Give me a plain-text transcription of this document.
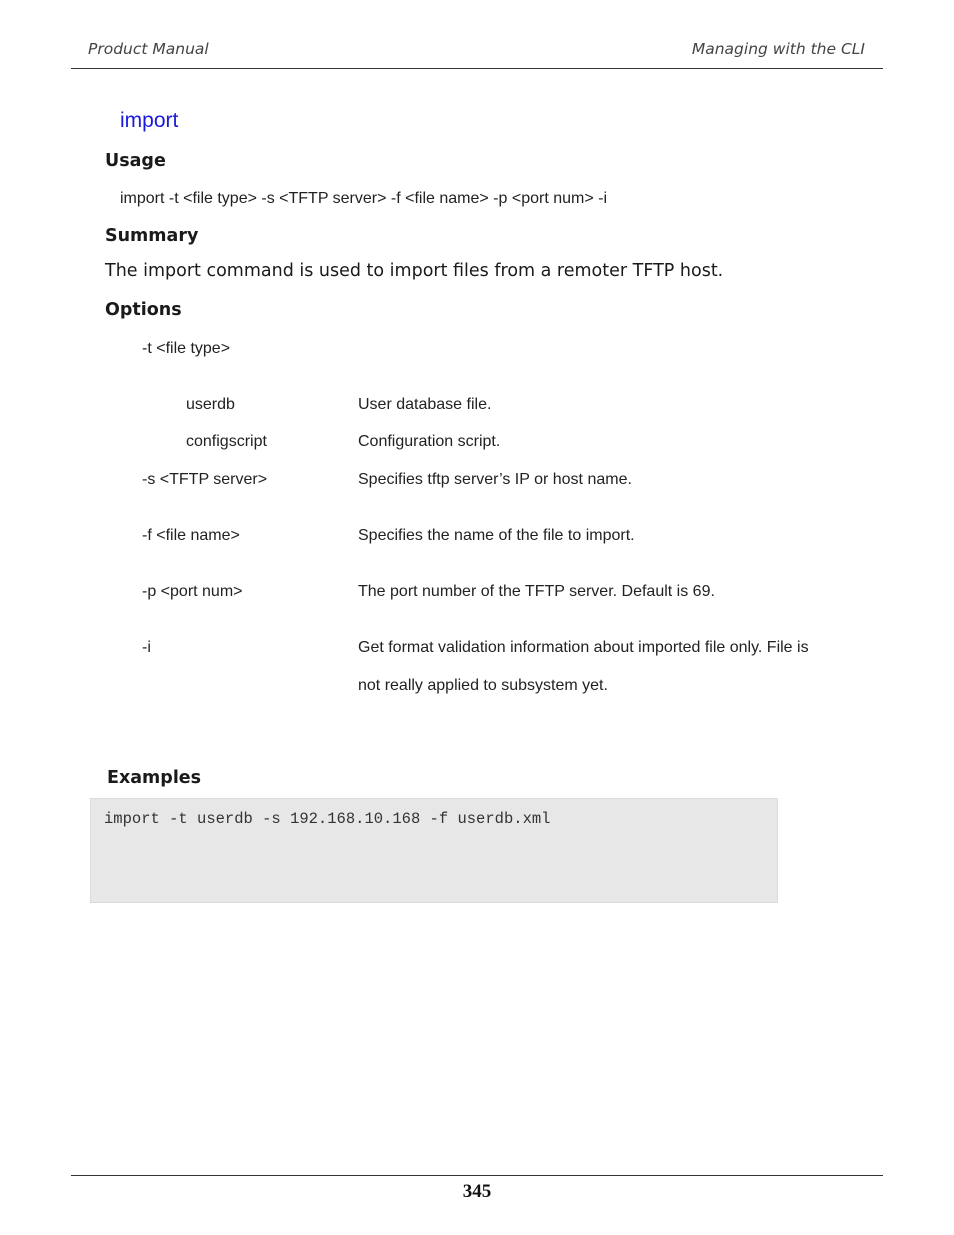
Product Manual	Managing with the CLI
import
Usage
import -t <file type> -s <TFTP server> -f <file name> -p <port num> -i
Summary
The import command is used to import files from a remoter TFTP host.
Options
-t <file type>
userdb	User database file.
configscript	Configuration script.
-s <TFTP server>	Specifies tftp server’s IP or host name.
-f <file name>	Specifies the name of the file to import.
-p <port num>	The port number of the TFTP server. Default is 69.
-i	Get format validation information about imported file only. File is
not really applied to subsystem yet.
Examples
import -t userdb -s 192.168.10.168 -f userdb.xml
345
